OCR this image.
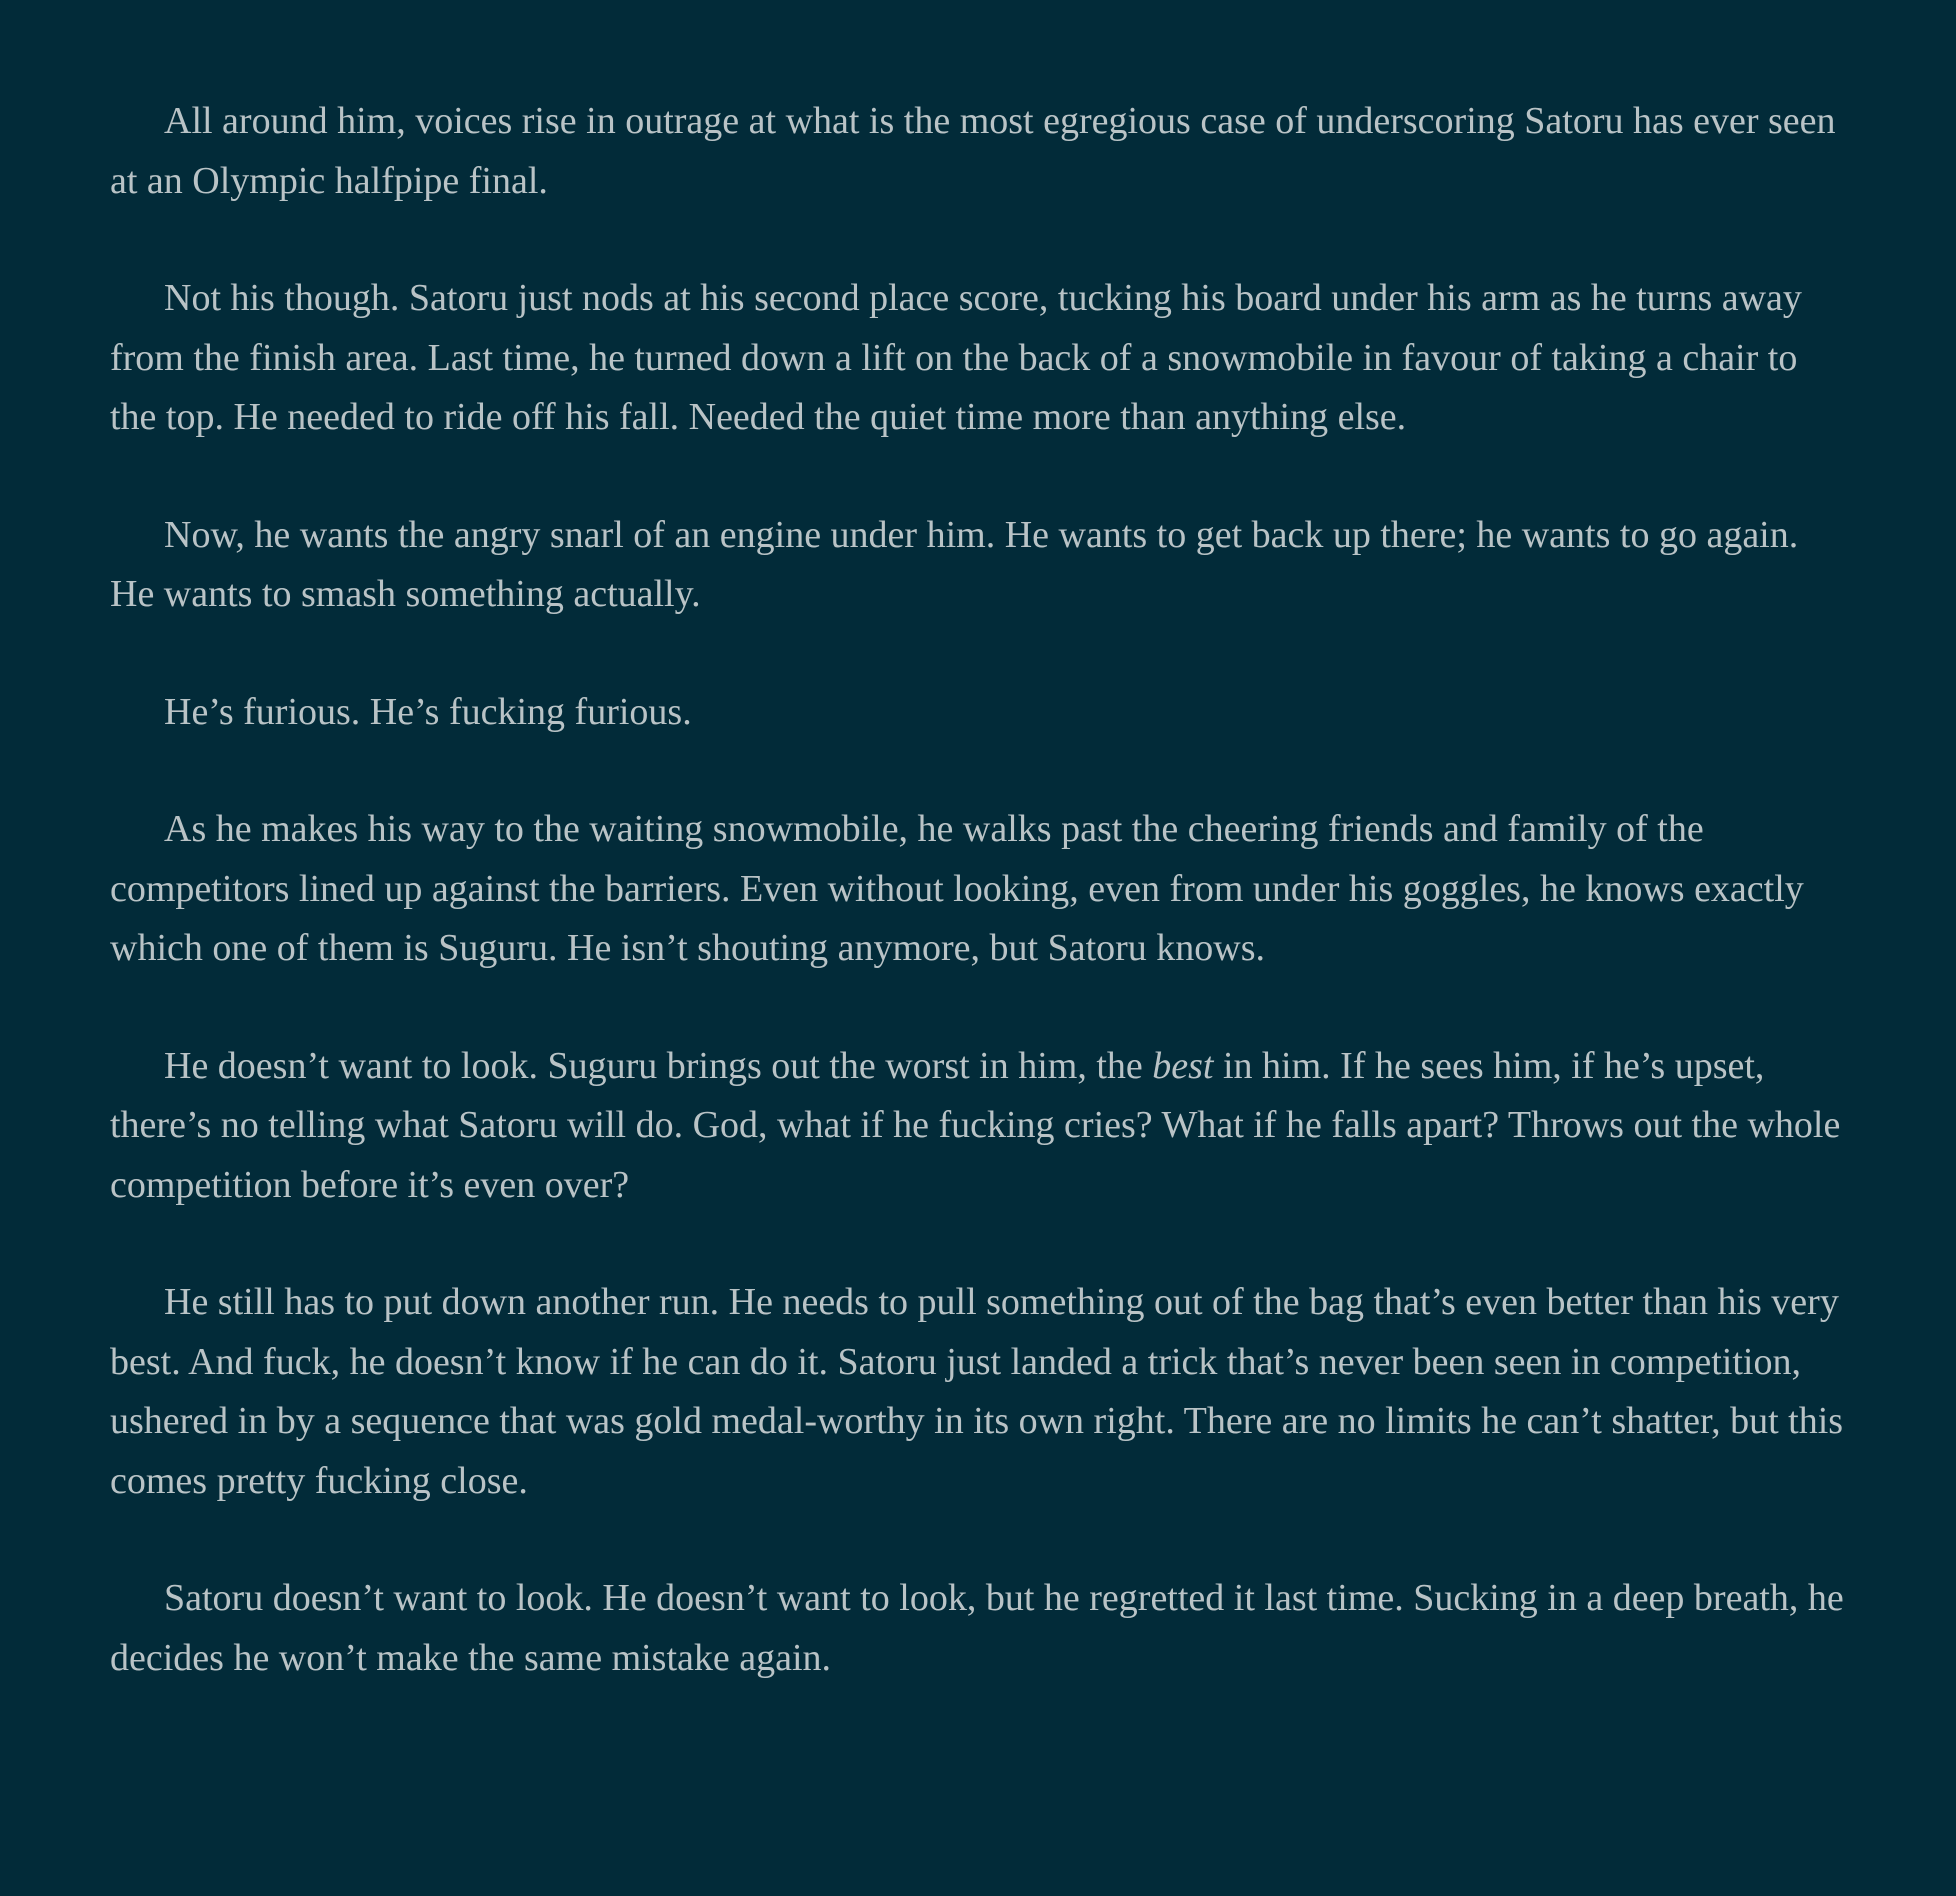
All around him, voices rise in outrage at what is the most egregious case of underscoring Satoru has ever seen at an Olympic halfpipe final.

Not his though. Satoru just nods at his second place score, tucking his board under his arm as he turns away from the finish area. Last time, he turned down a lift on the back of a snowmobile in favour of taking a chair to the top. He needed to ride off his fall. Needed the quiet time more than anything else.

Now, he wants the angry snarl of an engine under him. He wants to get back up there; he wants to go again. He wants to smash something actually.

He’s furious. He’s fucking furious.

As he makes his way to the waiting snowmobile, he walks past the cheering friends and family of the competitors lined up against the barriers. Even without looking, even from under his goggles, he knows exactly which one of them is Suguru. He isn’t shouting anymore, but Satoru knows.

He doesn’t want to look. Suguru brings out the worst in him, the best in him. If he sees him, if he’s upset, there’s no telling what Satoru will do. God, what if he fucking cries? What if he falls apart? Throws out the whole competition before it’s even over?

He still has to put down another run. He needs to pull something out of the bag that’s even better than his very best. And fuck, he doesn’t know if he can do it. Satoru just landed a trick that’s never been seen in competition, ushered in by a sequence that was gold medal-worthy in its own right. There are no limits he can’t shatter, but this comes pretty fucking close.

Satoru doesn’t want to look. He doesn’t want to look, but he regretted it last time. Sucking in a deep breath, he decides he won’t make the same mistake again.
